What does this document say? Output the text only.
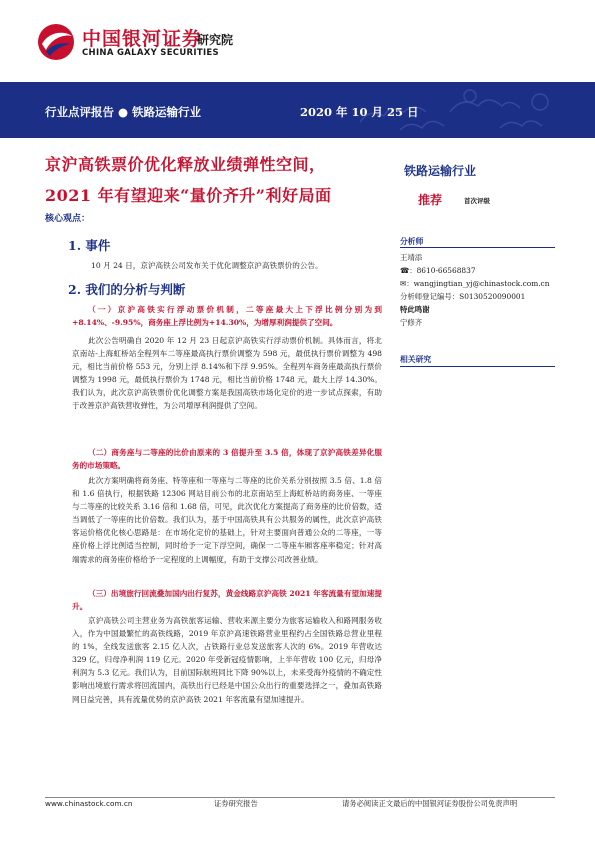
中国银河证券
CHINA GALAXY SECURITIES
研究院
行业点评报告 ● 铁路运输行业	2020 年 10 月 25 日
京沪高铁票价优化释放业绩弹性空间，
2021 年有望迎来“量价齐升”利好局面
核心观点：
1. 事件
10 月 24 日，京沪高铁公司发布关于优化调整京沪高铁票价的公告。
2. 我们的分析与判断
（一）京沪高铁实行浮动票价机制，二等座最大上下浮比例分别为到+8.14%、-9.95%，商务座上浮比例为+14.30%，为增厚利润提供了空间。
此次公告明确自 2020 年 12 月 23 日起京沪高铁实行浮动票价机制。具体而言，将北京南站-上海虹桥站全程列车二等座最高执行票价调整为 598 元，最低执行票价调整为 498 元，相比当前价格 553 元，分别上浮 8.14%和下浮 9.95%。全程列车商务座最高执行票价调整为 1998 元，最低执行票价为 1748 元，相比当前价格 1748 元，最大上浮 14.30%。我们认为，此次京沪高铁票价优化调整方案是我国高铁市场化定价的进一步试点探索，有助于改善京沪高铁营收弹性，为公司增厚利润提供了空间。
（二）商务座与二等座的比价由原来的 3 倍提升至 3.5 倍，体现了京沪高铁差异化服务的市场策略。
此次方案明确将商务座、特等座和一等座与二等座的比价关系分别按照 3.5 倍、1.8 倍和 1.6 倍执行，根据铁路 12306 网站目前公布的北京南站至上海虹桥站的商务座、一等座与二等座的比较关系 3.16 倍和 1.68 倍，可见，此次优化方案提高了商务座的比价倍数，适当调低了一等座的比价倍数。我们认为，基于中国高铁具有公共服务的属性，此次京沪高铁客运价格优化核心思路是：在市场化定价的基础上，针对主要面向普通公众的二等座，一等座价格上浮比例适当控制，同时给予一定下浮空间，确保一二等座车厢客座率稳定；针对高端需求的商务座价格给予一定程度的上调幅度，有助于支撑公司改善业绩。
（三）出境旅行回流叠加国内出行复苏，黄金线路京沪高铁 2021 年客流量有望加速提升。
京沪高铁公司主营业务为高铁旅客运输、营收来源主要分为旅客运输收入和路网服务收入，作为中国最繁忙的高铁线路，2019 年京沪高速铁路营业里程约占全国铁路总营业里程的 1%，全线发送旅客 2.15 亿人次，占铁路行业总发送旅客人次的 6%。2019 年营收达 329 亿，归母净利润 119 亿元。2020 年受新冠疫情影响，上半年营收 100 亿元，归母净利润为 5.3 亿元。我们认为，目前国际航班同比下降 90%以上，未来受海外疫情的不确定性影响出境旅行需求将回流国内，高铁出行已经是中国公众出行的重要选择之一，叠加高铁路网日益完善，具有流量优势的京沪高铁 2021 年客流量有望加速提升。
铁路运输行业
推荐	首次评级
分析师
王靖添
☎：8610-66568837
✉：wangjingtian_yj@chinastock.com.cn
分析师登记编号：S0130520090001
特此鸣谢
宁修齐
相关研究
www.chinastock.com.cn	证券研究报告	请务必阅读正文最后的中国银河证券股份公司免责声明
